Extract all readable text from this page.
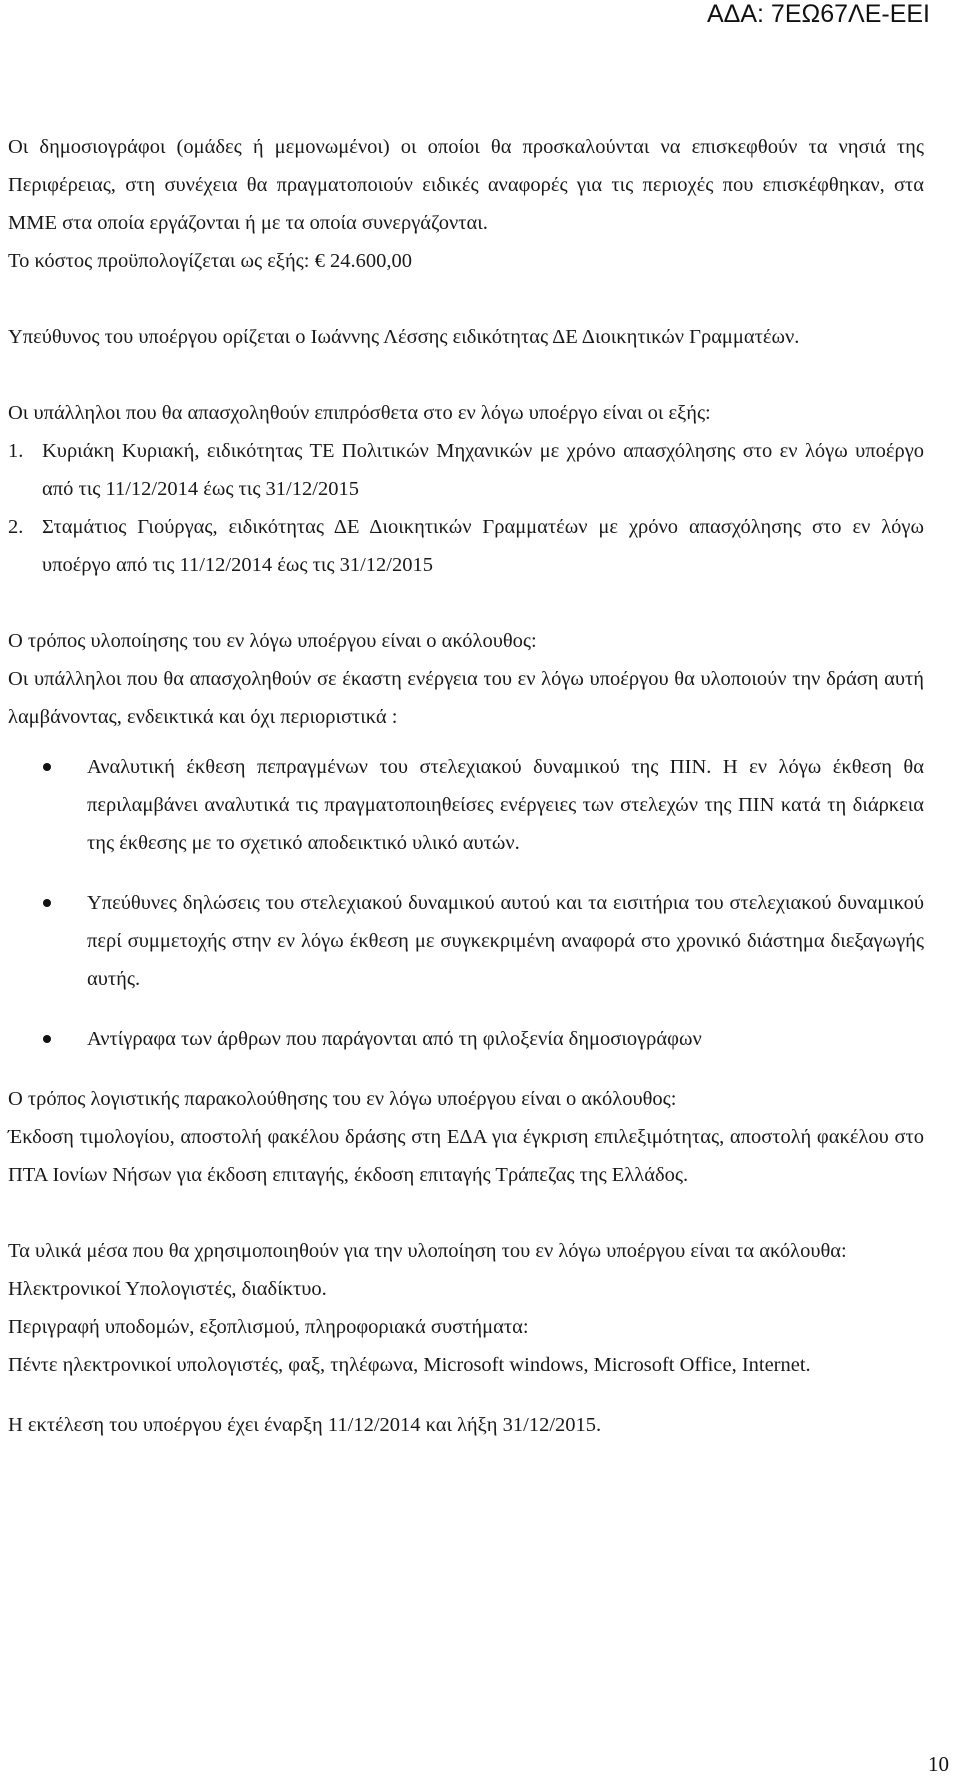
ΑΔΑ: 7ΕΩ67ΛΕ-ΕΕΙ

Οι δημοσιογράφοι (ομάδες ή μεμονωμένοι) οι οποίοι θα προσκαλούνται να επισκεφθούν τα νησιά της Περιφέρειας, στη συνέχεια θα πραγματοποιούν ειδικές αναφορές για τις περιοχές που επισκέφθηκαν, στα ΜΜΕ στα οποία εργάζονται ή με τα οποία συνεργάζονται.

Το κόστος προϋπολογίζεται ως εξής: € 24.600,00

Υπεύθυνος του υποέργου ορίζεται ο Ιωάννης Λέσσης ειδικότητας ΔΕ Διοικητικών Γραμματέων.

Οι υπάλληλοι που θα απασχοληθούν επιπρόσθετα στο εν λόγω υποέργο είναι οι εξής:

1. Κυριάκη Κυριακή, ειδικότητας ΤΕ Πολιτικών Μηχανικών με χρόνο απασχόλησης στο εν λόγω υποέργο από τις 11/12/2014 έως τις 31/12/2015
2. Σταμάτιος Γιούργας, ειδικότητας ΔΕ Διοικητικών Γραμματέων με χρόνο απασχόλησης στο εν λόγω υποέργο από τις 11/12/2014 έως τις 31/12/2015

Ο τρόπος υλοποίησης του εν λόγω υποέργου είναι ο ακόλουθος:

Οι υπάλληλοι που θα απασχοληθούν σε έκαστη ενέργεια του εν λόγω υποέργου θα υλοποιούν την δράση αυτή λαμβάνοντας, ενδεικτικά και όχι περιοριστικά :

Αναλυτική έκθεση πεπραγμένων του στελεχιακού δυναμικού της ΠΙΝ. Η εν λόγω έκθεση θα περιλαμβάνει αναλυτικά τις πραγματοποιηθείσες ενέργειες των στελεχών της ΠΙΝ κατά τη διάρκεια της έκθεσης με το σχετικό αποδεικτικό υλικό αυτών.
Υπεύθυνες δηλώσεις του στελεχιακού δυναμικού αυτού και τα εισιτήρια του στελεχιακού δυναμικού περί συμμετοχής στην εν λόγω έκθεση με συγκεκριμένη αναφορά στο χρονικό διάστημα διεξαγωγής αυτής.
Αντίγραφα των άρθρων που παράγονται από τη φιλοξενία δημοσιογράφων

Ο τρόπος λογιστικής παρακολούθησης του εν λόγω υποέργου είναι ο ακόλουθος:

Έκδοση τιμολογίου, αποστολή φακέλου δράσης στη ΕΔΑ για έγκριση επιλεξιμότητας, αποστολή φακέλου στο ΠΤΑ Ιονίων Νήσων για έκδοση επιταγής, έκδοση επιταγής Τράπεζας της Ελλάδος.

Τα υλικά μέσα που θα χρησιμοποιηθούν για την υλοποίηση του εν λόγω υποέργου είναι τα ακόλουθα:

Ηλεκτρονικοί Υπολογιστές, διαδίκτυο.

Περιγραφή υποδομών, εξοπλισμού, πληροφοριακά συστήματα:

Πέντε ηλεκτρονικοί υπολογιστές, φαξ, τηλέφωνα, Microsoft windows, Microsoft Office, Internet.

Η εκτέλεση του υποέργου έχει έναρξη 11/12/2014 και λήξη 31/12/2015.

10
